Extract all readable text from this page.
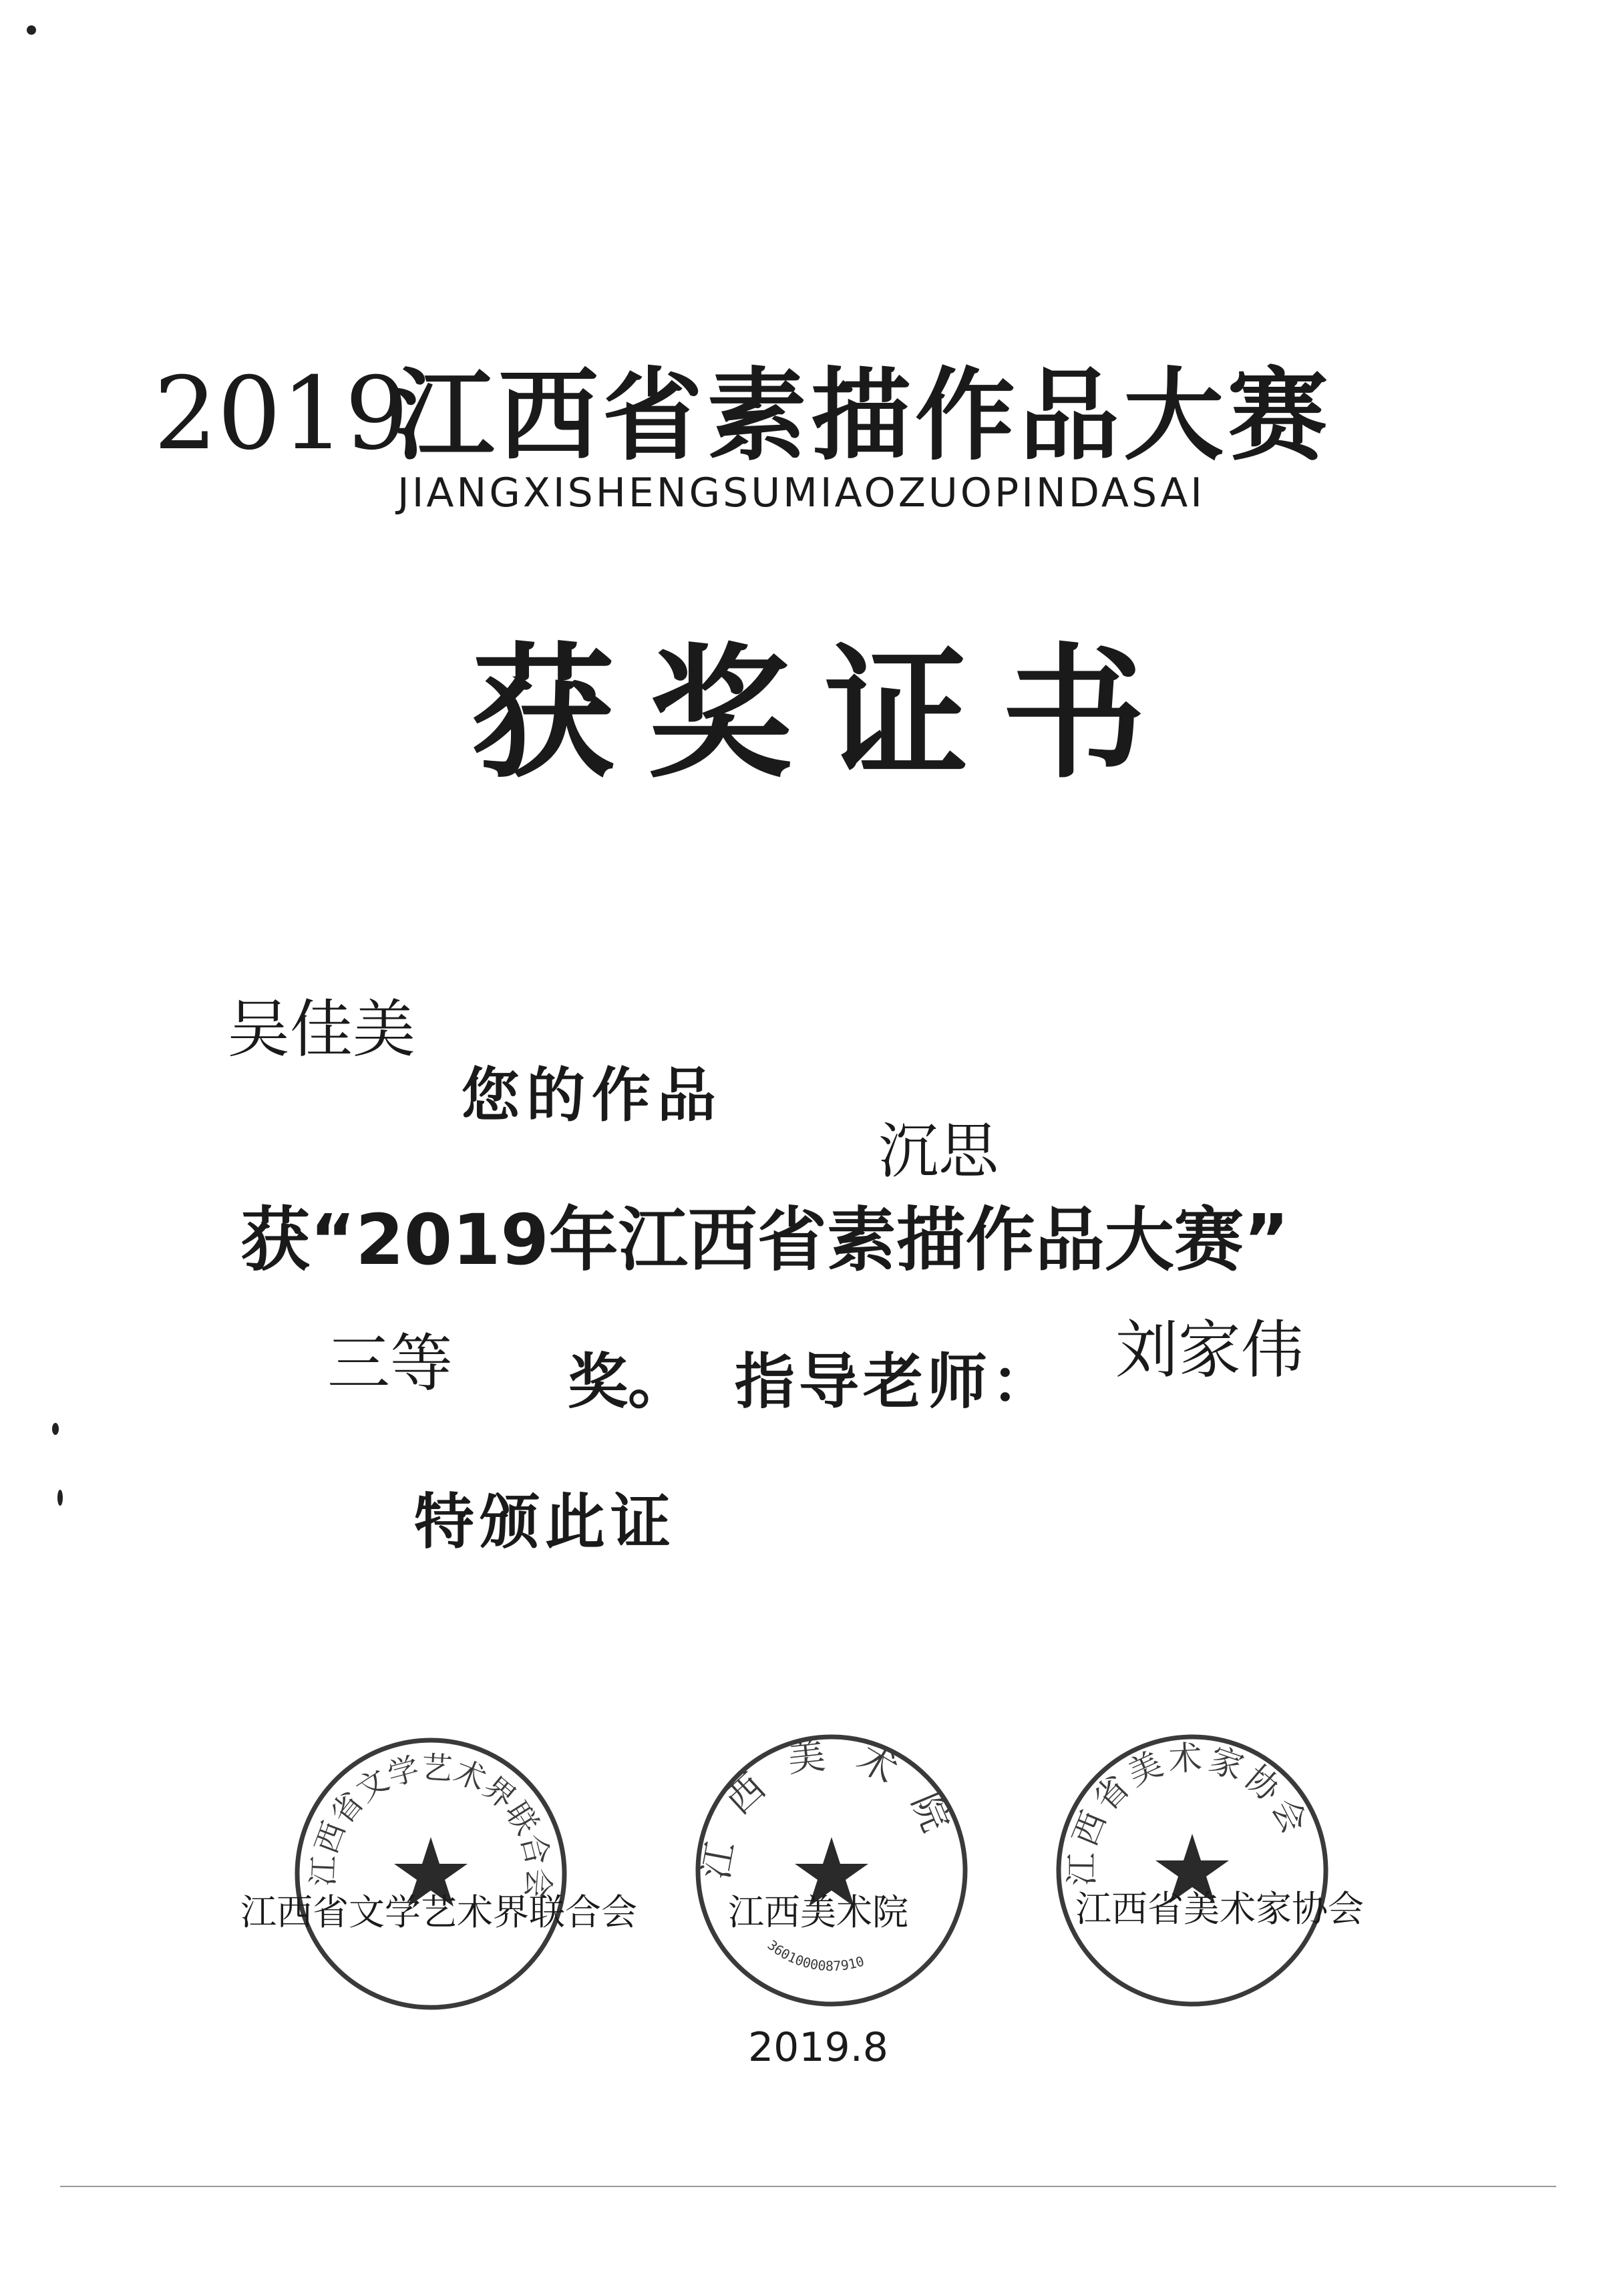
2019
江西省素描作品大赛
JIANGXISHENGSUMIAOZUOPINDASAI
获奖证书
吴佳美
您的作品
沉思
获“2019年江西省素描作品大赛”
三等 奖。 指导老师： 刘家伟
特颁此证
江西省文学艺术界联合会
江西省文学艺术界联合会
江西美术院
3601000087910
江西美术院
江西省美术家协会
江西省美术家协会
2019.8
